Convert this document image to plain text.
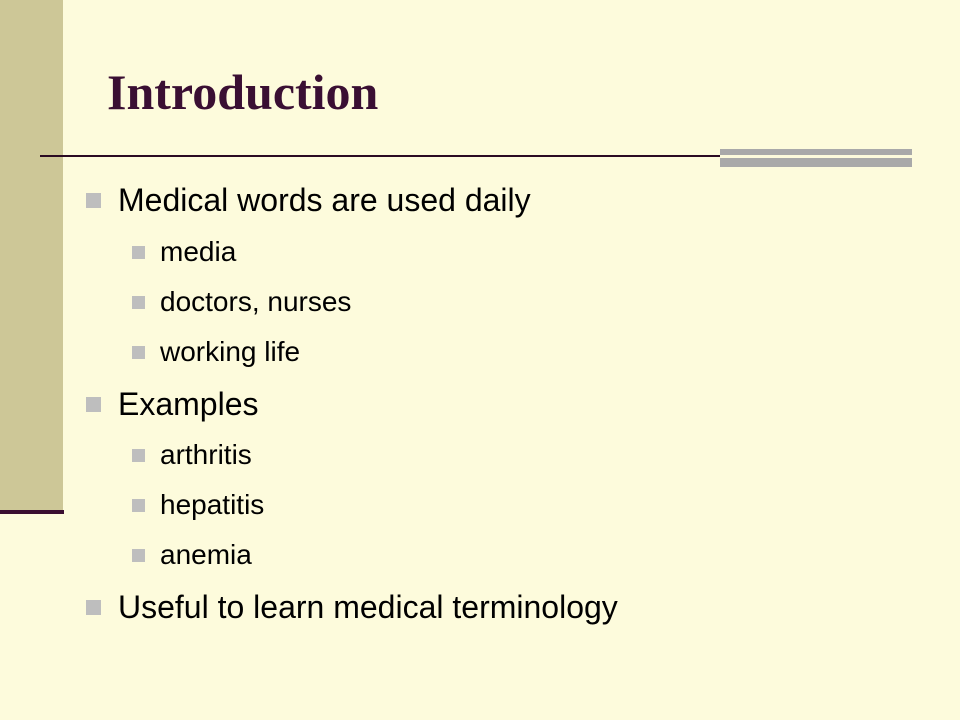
Introduction
Medical words are used daily
media
doctors, nurses
working life
Examples
arthritis
hepatitis
anemia
Useful to learn medical terminology
